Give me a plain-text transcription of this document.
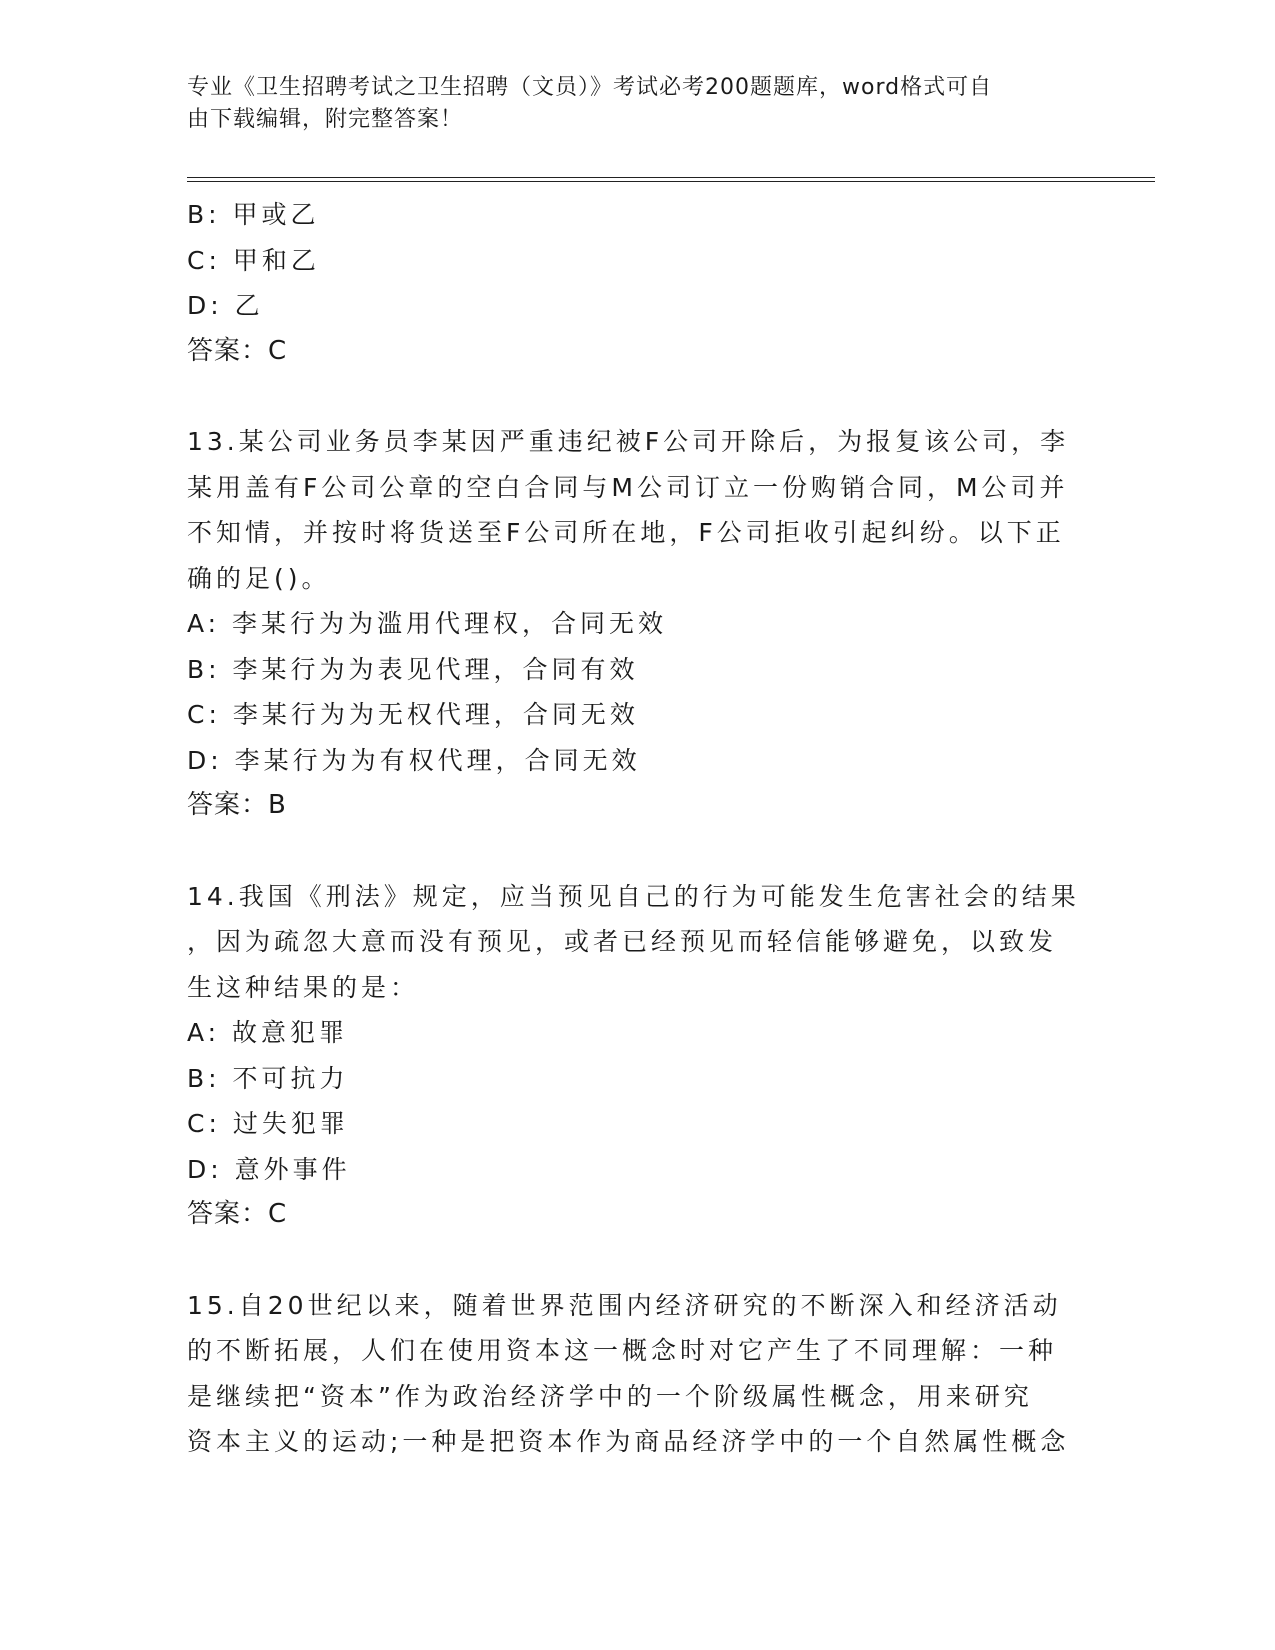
专业《卫生招聘考试之卫生招聘（文员）》考试必考200题题库，word格式可自
由下载编辑，附完整答案！
B: 甲或乙
C: 甲和乙
D: 乙
答案：C
13.某公司业务员李某因严重违纪被F公司开除后，为报复该公司，李
某用盖有F公司公章的空白合同与M公司订立一份购销合同，M公司并
不知情，并按时将货送至F公司所在地，F公司拒收引起纠纷。以下正
确的足()。
A: 李某行为为滥用代理权，合同无效
B: 李某行为为表见代理，合同有效
C: 李某行为为无权代理，合同无效
D: 李某行为为有权代理，合同无效
答案：B
14.我国《刑法》规定，应当预见自己的行为可能发生危害社会的结果
，因为疏忽大意而没有预见，或者已经预见而轻信能够避免，以致发
生这种结果的是：
A: 故意犯罪
B: 不可抗力
C: 过失犯罪
D: 意外事件
答案：C
15.自20世纪以来，随着世界范围内经济研究的不断深入和经济活动
的不断拓展，人们在使用资本这一概念时对它产生了不同理解：一种
是继续把“资本”作为政治经济学中的一个阶级属性概念，用来研究
资本主义的运动;一种是把资本作为商品经济学中的一个自然属性概念
